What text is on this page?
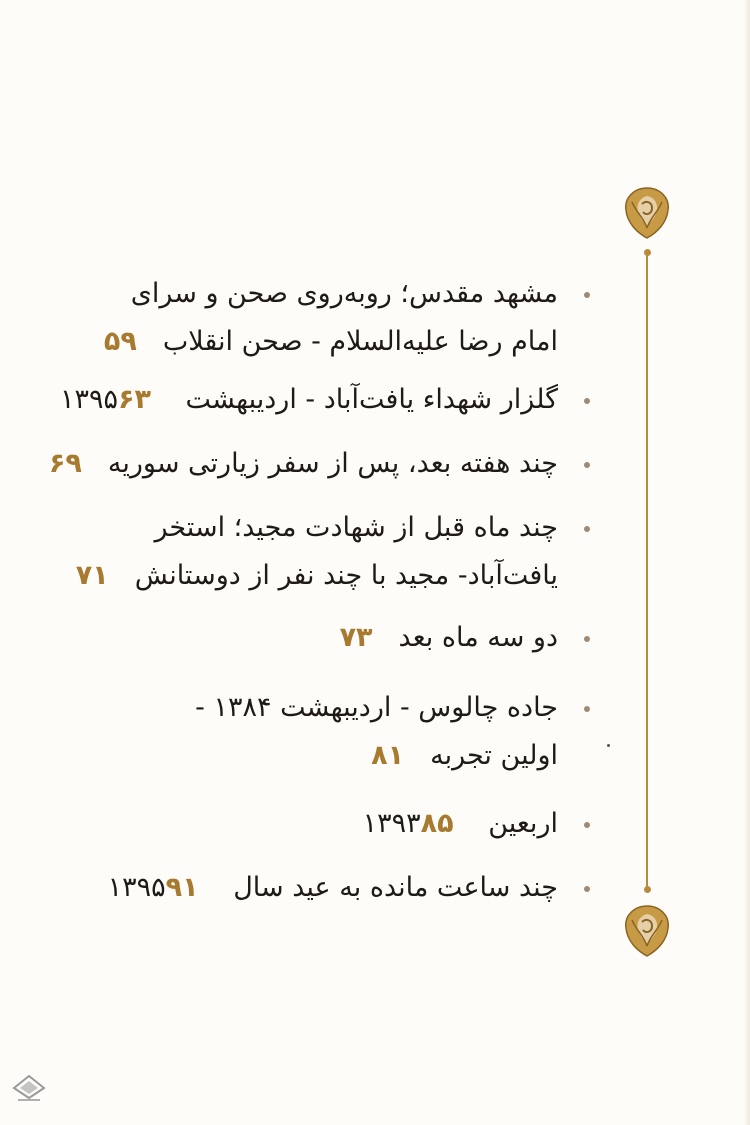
مشهد مقدس؛ روبه‌روی صحن و سرای
امام رضا علیه‌السلام - صحن انقلاب۵۹
گلزار شهداء یافت‌آباد - اردیبهشت ۱۳۹۵۶۳
چند هفته بعد، پس از سفر زیارتی سوریه۶۹
چند ماه قبل از شهادت مجید؛ استخر
یافت‌آباد- مجید با چند نفر از دوستانش۷۱
دو سه ماه بعد۷۳
جاده چالوس - اردیبهشت ۱۳۸۴ -
اولین تجربه۸۱
اربعین ۱۳۹۳۸۵
چند ساعت مانده به عید سال ۱۳۹۵۹۱
